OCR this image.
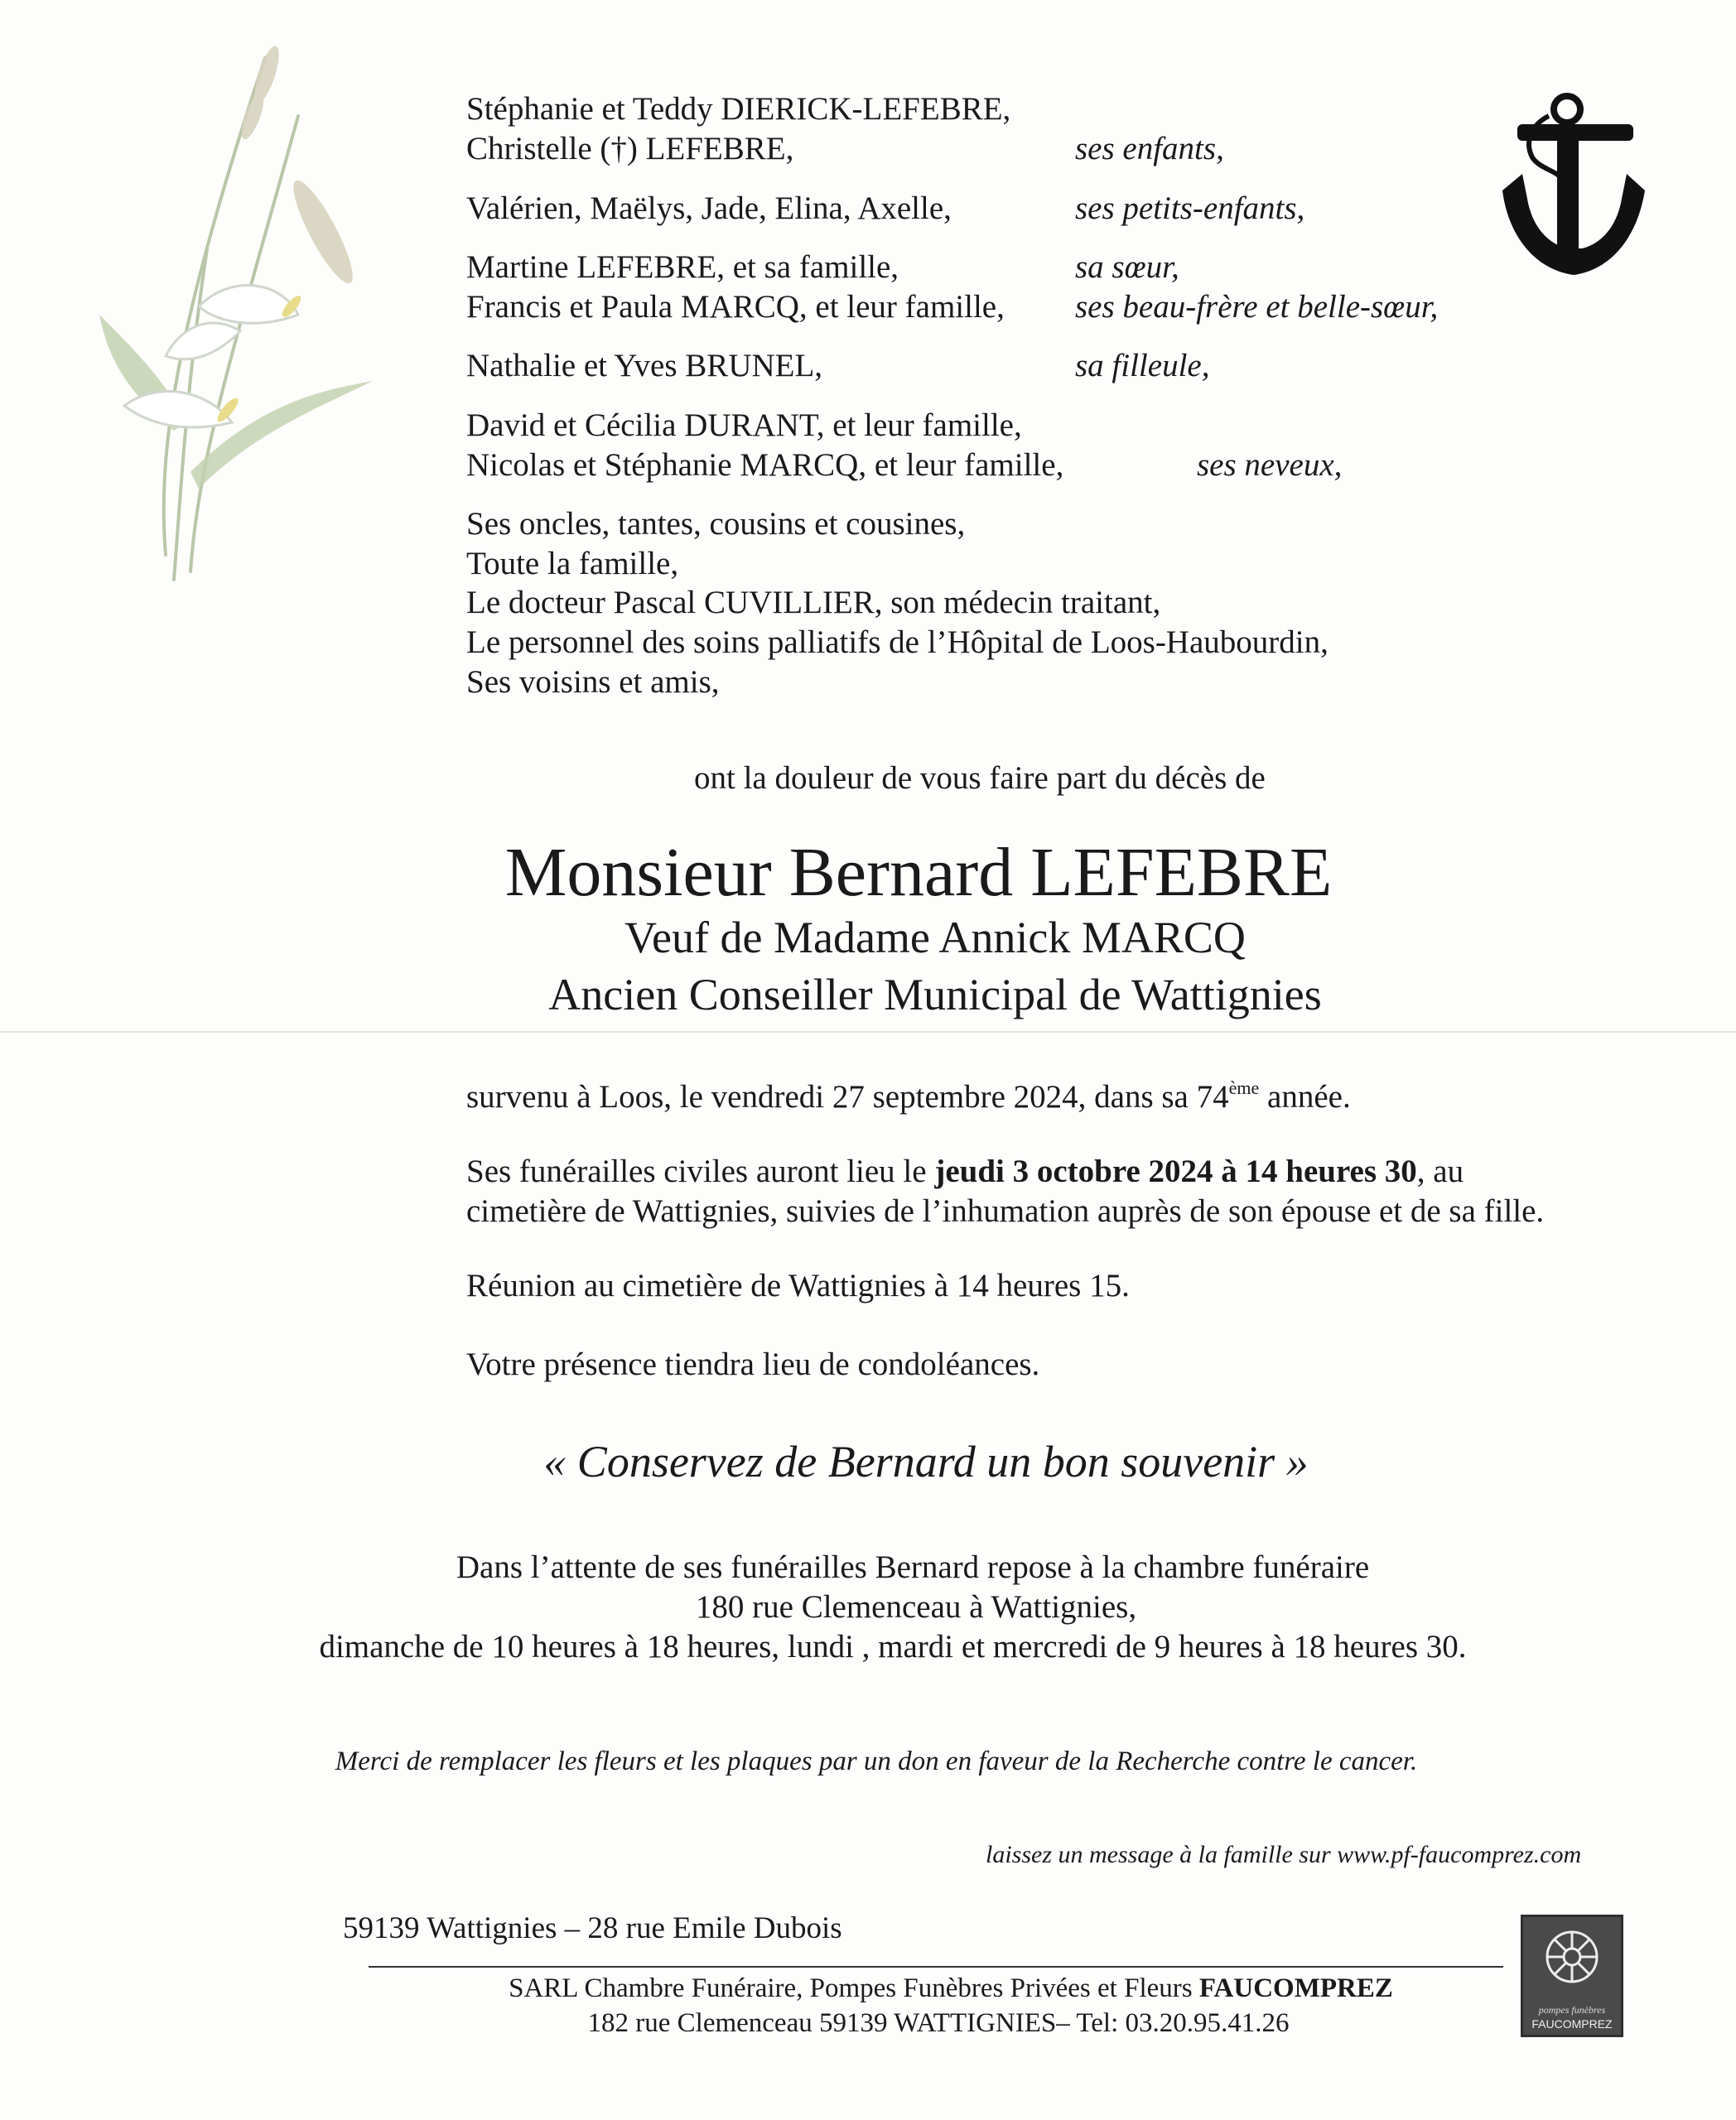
Stéphanie et Teddy DIERICK-LEFEBRE,
Christelle (†) LEFEBRE,	ses enfants,
Valérien, Maëlys, Jade, Elina, Axelle,	ses petits-enfants,
Martine LEFEBRE, et sa famille,	sa sœur,
Francis et Paula MARCQ, et leur famille, ses beau-frère et belle-sœur,
Nathalie et Yves BRUNEL,	sa filleule,
David et Cécilia DURANT, et leur famille,
Nicolas et Stéphanie MARCQ, et leur famille,	ses neveux,
Ses oncles, tantes, cousins et cousines,
Toute la famille,
Le docteur Pascal CUVILLIER, son médecin traitant,
Le personnel des soins palliatifs de l’Hôpital de Loos-Haubourdin,
Ses voisins et amis,
ont la douleur de vous faire part du décès de
Monsieur Bernard LEFEBRE
Veuf de Madame Annick MARCQ
Ancien Conseiller Municipal de Wattignies
survenu à Loos, le vendredi 27 septembre 2024, dans sa 74ème année.
Ses funérailles civiles auront lieu le jeudi 3 octobre 2024 à 14 heures 30, au
cimetière de Wattignies, suivies de l’inhumation auprès de son épouse et de sa fille.
Réunion au cimetière de Wattignies à 14 heures 15.
Votre présence tiendra lieu de condoléances.
« Conservez de Bernard un bon souvenir »
Dans l’attente de ses funérailles Bernard repose à la chambre funéraire
180 rue Clemenceau à Wattignies,
dimanche de 10 heures à 18 heures, lundi , mardi et mercredi de 9 heures à 18 heures 30.
Merci de remplacer les fleurs et les plaques par un don en faveur de la Recherche contre le cancer.
laissez un message à la famille sur www.pf-faucomprez.com
59139 Wattignies – 28 rue Emile Dubois
SARL Chambre Funéraire, Pompes Funèbres Privées et Fleurs FAUCOMPREZ
182 rue Clemenceau 59139 WATTIGNIES– Tel: 03.20.95.41.26	pompes funèbres
FAUCOMPREZ
